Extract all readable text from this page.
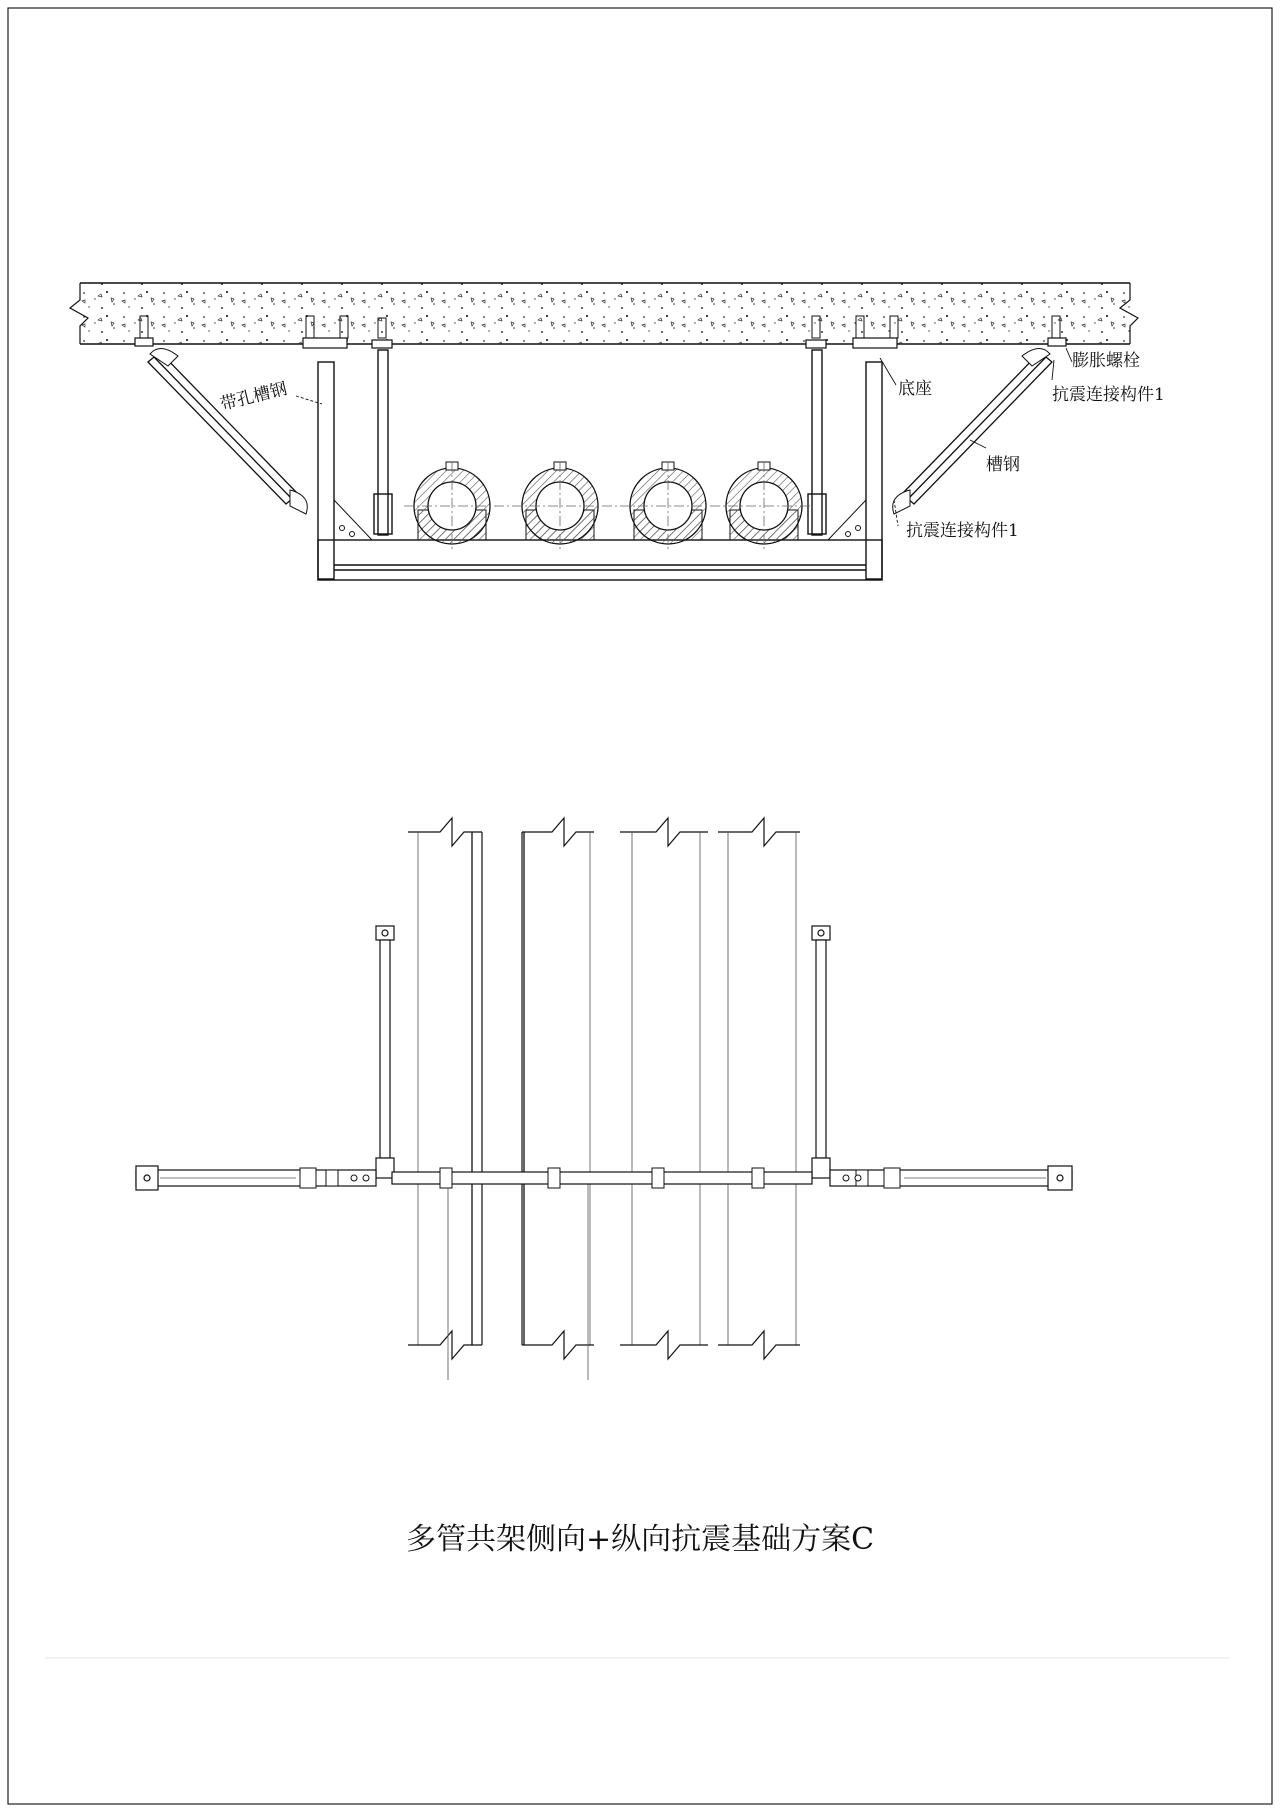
带孔槽钢	底座
膨胀螺栓
抗震连接构件1
槽钢
抗震连接构件1
多管共架侧向+纵向抗震基础方案C
